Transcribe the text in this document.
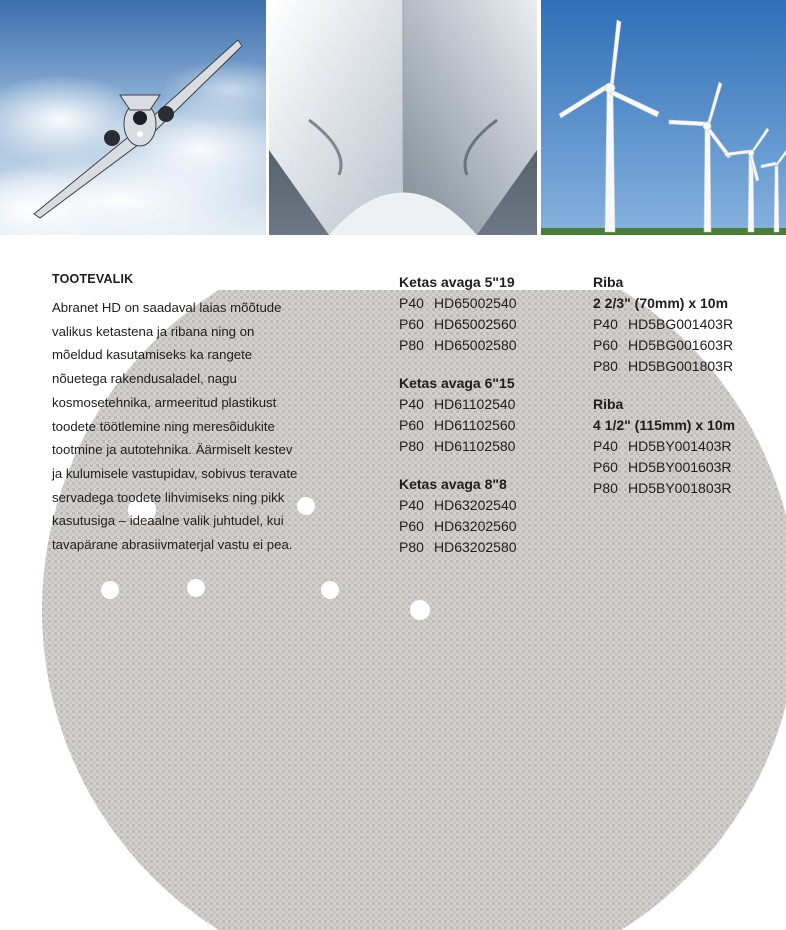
TOOTEVALIK
Abranet HD on saadaval laias mõõtude
valikus ketastena ja ribana ning on
mõeldud kasutamiseks ka rangete
nõuetega rakendusaladel, nagu
kosmosetehnika, armeeritud plastikust
toodete töötlemine ning meresõidukite
tootmine ja autotehnika. Äärmiselt kestev
ja kulumisele vastupidav, sobivus teravate
servadega toodete lihvimiseks ning pikk
kasutusiga – ideaalne valik juhtudel, kui
tavapärane abrasiivmaterjal vastu ei pea.
Ketas avaga 5"19
P40 HD65002540
P60 HD65002560
P80 HD65002580
Ketas avaga 6"15
P40 HD61102540
P60 HD61102560
P80 HD61102580
Ketas avaga 8"8
P40 HD63202540
P60 HD63202560
P80 HD63202580
Riba
2 2/3" (70mm) x 10m
P40 HD5BG001403R
P60 HD5BG001603R
P80 HD5BG001803R
Riba
4 1/2" (115mm) x 10m
P40 HD5BY001403R
P60 HD5BY001603R
P80 HD5BY001803R
